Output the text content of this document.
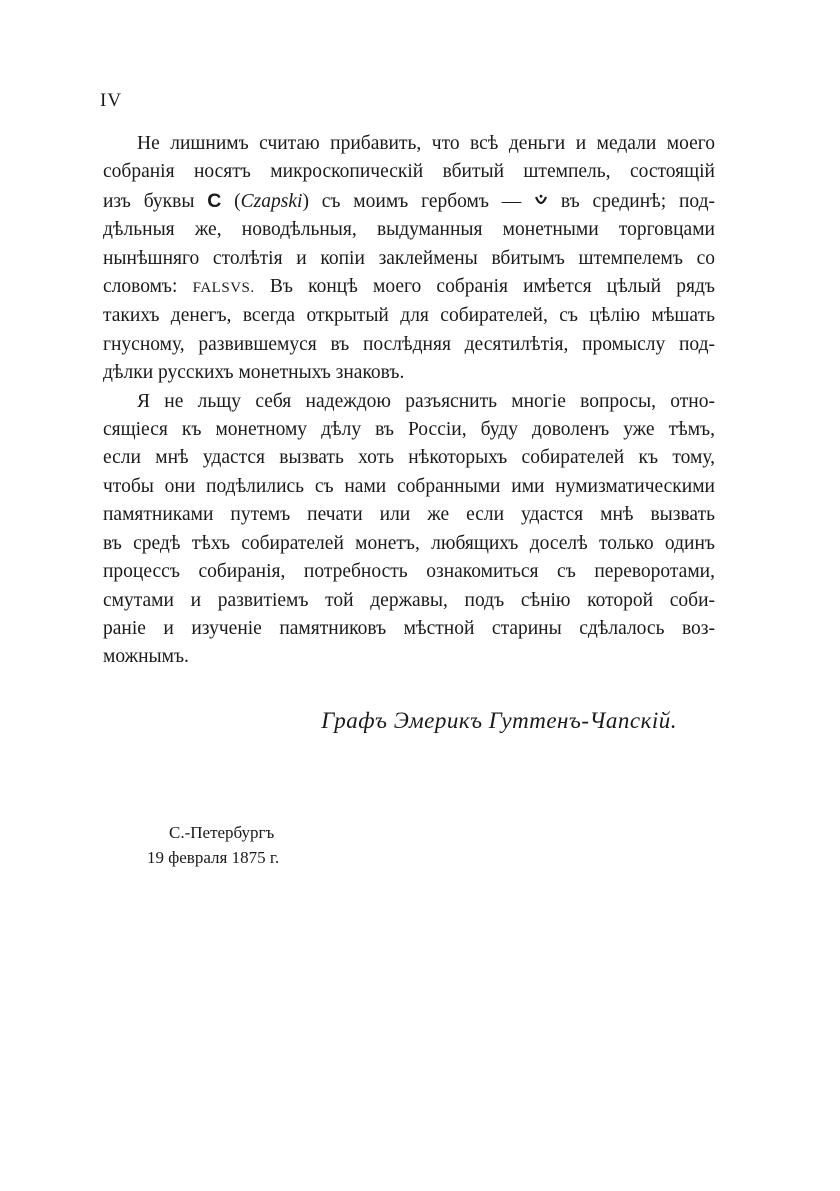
IV
Не лишнимъ считаю прибавить, что всѣ деньги и медали моего
собранія носятъ микроскопическій вбитый штемпель, состоящій
изъ буквы C (Czapski) съ моимъ гербомъ —  въ срединѣ; под-
дѣльныя же, новодѣльныя, выдуманныя монетными торговцами
нынѣшняго столѣтія и копіи заклеймены вбитымъ штемпелемъ со
словомъ: FALSVS. Въ концѣ моего собранія имѣется цѣлый рядъ
такихъ денегъ, всегда открытый для собирателей, съ цѣлію мѣшать
гнусному, развившемуся въ послѣдняя десятилѣтія, промыслу под-
дѣлки русскихъ монетныхъ знаковъ.
Я не льщу себя надеждою разъяснить многіе вопросы, отно-
сящіеся къ монетному дѣлу въ Россіи, буду доволенъ уже тѣмъ,
если мнѣ удастся вызвать хоть нѣкоторыхъ собирателей къ тому,
чтобы они подѣлились съ нами собранными ими нумизматическими
памятниками путемъ печати или же если удастся мнѣ вызвать
въ средѣ тѣхъ собирателей монетъ, любящихъ доселѣ только одинъ
процессъ собиранія, потребность ознакомиться съ переворотами,
смутами и развитіемъ той державы, подъ сѣнію которой соби-
раніе и изученіе памятниковъ мѣстной старины сдѣлалось воз-
можнымъ.
Графъ Эмерикъ Гуттенъ-Чапскій.
С.-Петербургъ
19 февраля 1875 г.
